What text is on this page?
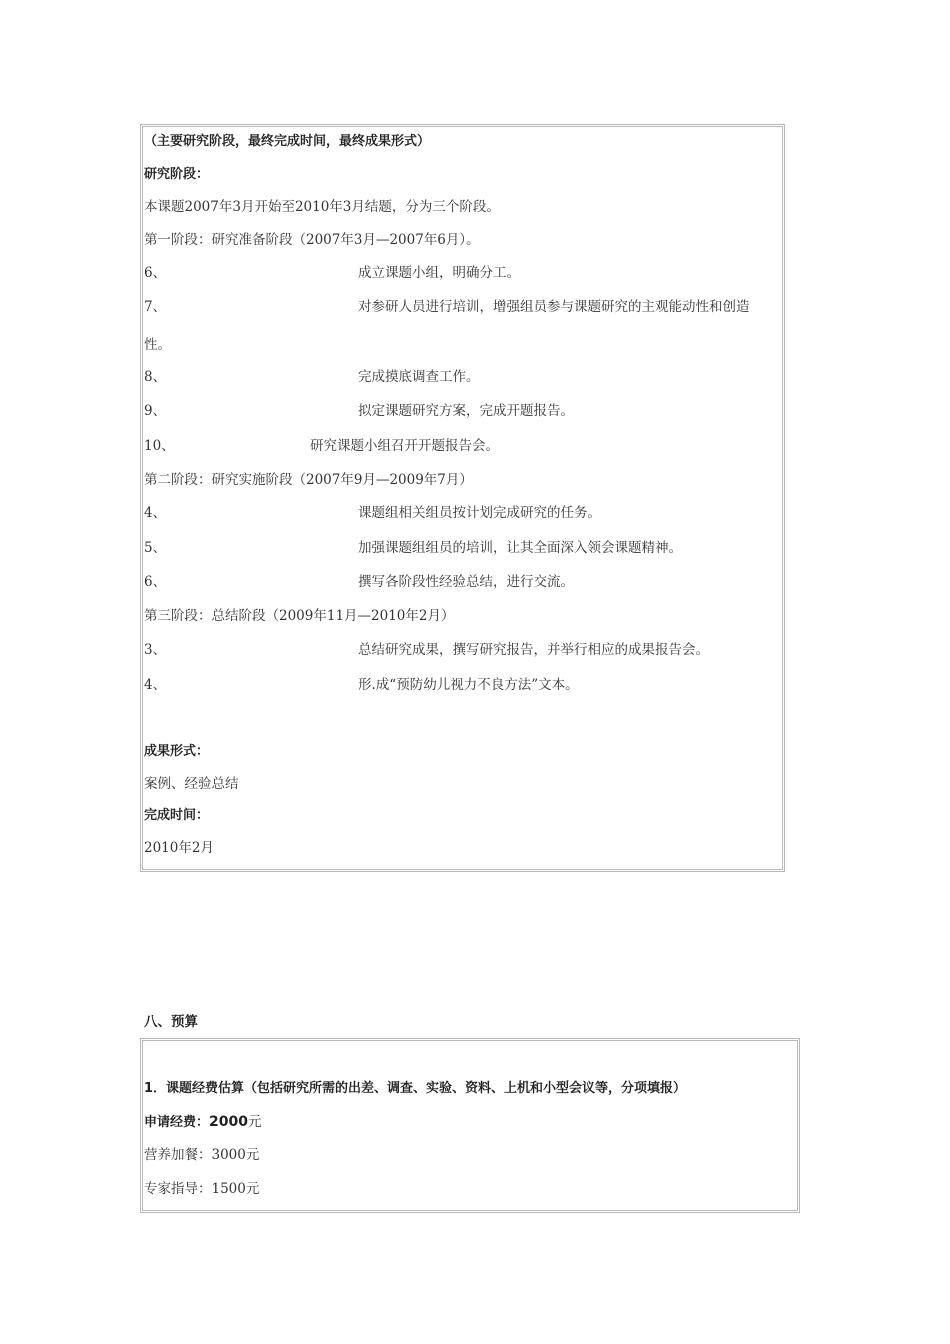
（主要研究阶段，最终完成时间，最终成果形式）
研究阶段：
本课题2007年3月开始至2010年3月结题，分为三个阶段。
第一阶段：研究准备阶段（2007年3月—2007年6月）。
6、	成立课题小组，明确分工。
7、	对参研人员进行培训，增强组员参与课题研究的主观能动性和创造
性。
8、	完成摸底调查工作。
9、	拟定课题研究方案，完成开题报告。
10、	研究课题小组召开开题报告会。
第二阶段：研究实施阶段（2007年9月—2009年7月）
4、	课题组相关组员按计划完成研究的任务。
5、	加强课题组组员的培训，让其全面深入领会课题精神。
6、	撰写各阶段性经验总结，进行交流。
第三阶段：总结阶段（2009年11月—2010年2月）
3、	总结研究成果，撰写研究报告，并举行相应的成果报告会。
4、	形.成“预防幼儿视力不良方法”文本。
成果形式：
案例、经验总结
完成时间：
2010年2月
八、预算
1．课题经费估算（包括研究所需的出差、调查、实验、资料、上机和小型会议等，分项填报）
申请经费：2000元
营养加餐：3000元
专家指导：1500元
